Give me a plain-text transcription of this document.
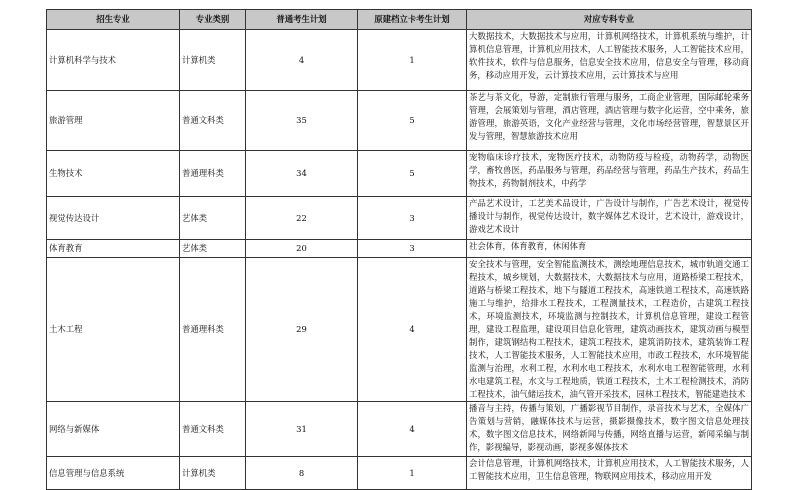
招生专业	专业类别	普通考生计划	原建档立卡考生计划	对应专科专业
计算机科学与技术	计算机类	4	1	大数据技术，大数据技术与应用，计算机网络技术，计算机系统与维护，计算机信息管理，计算机应用技术，人工智能技术服务，人工智能技术应用，软件技术，软件与信息服务，信息安全技术应用，信息安全与管理，移动商务，移动应用开发，云计算技术应用，云计算技术与应用
旅游管理	普通文科类	35	5	茶艺与茶文化，导游，定制旅行管理与服务，工商企业管理，国际邮轮乘务管理，会展策划与管理，酒店管理，酒店管理与数字化运营，空中乘务，旅游管理，旅游英语，文化产业经营与管理，文化市场经营管理，智慧景区开发与管理，智慧旅游技术应用
生物技术	普通理科类	34	5	宠物临床诊疗技术，宠物医疗技术，动物防疫与检疫，动物药学，动物医学，畜牧兽医，药品服务与管理，药品经营与管理，药品生产技术，药品生物技术，药物制剂技术，中药学
视觉传达设计	艺体类	22	3	产品艺术设计，工艺美术品设计，广告设计与制作，广告艺术设计，视觉传播设计与制作，视觉传达设计，数字媒体艺术设计，艺术设计，游戏设计，游戏艺术设计
体育教育	艺体类	20	3	社会体育，体育教育，休闲体育
土木工程	普通理科类	29	4	安全技术与管理，安全智能监测技术，测绘地理信息技术，城市轨道交通工程技术，城乡规划，大数据技术，大数据技术与应用，道路桥梁工程技术，道路与桥梁工程技术，地下与隧道工程技术，高速铁道工程技术，高速铁路施工与维护，给排水工程技术，工程测量技术，工程造价，古建筑工程技术，环境监测技术，环境监测与控制技术，计算机信息管理，建设工程管理，建设工程监理，建设项目信息化管理，建筑动画技术，建筑动画与模型制作，建筑钢结构工程技术，建筑工程技术，建筑消防技术，建筑装饰工程技术，人工智能技术服务，人工智能技术应用，市政工程技术，水环境智能监测与治理，水利工程，水利水电工程技术，水利水电工程智能管理，水利水电建筑工程，水文与工程地质，铁道工程技术，土木工程检测技术，消防工程技术，油气储运技术，油气管开采技术，园林工程技术，智能建造技术
网络与新媒体	普通文科类	31	4	播音与主持，传播与策划，广播影视节目制作，录音技术与艺术，全媒体广告策划与营销，融媒体技术与运营，摄影摄像技术，数字图文信息处理技术，数字图文信息技术，网络新闻与传播，网络直播与运营，新闻采编与制作，影视编导，影视动画，影视多媒体技术
信息管理与信息系统	计算机类	8	1	会计信息管理，计算机网络技术，计算机应用技术，人工智能技术服务，人工智能技术应用，卫生信息管理，物联网应用技术，移动应用开发
